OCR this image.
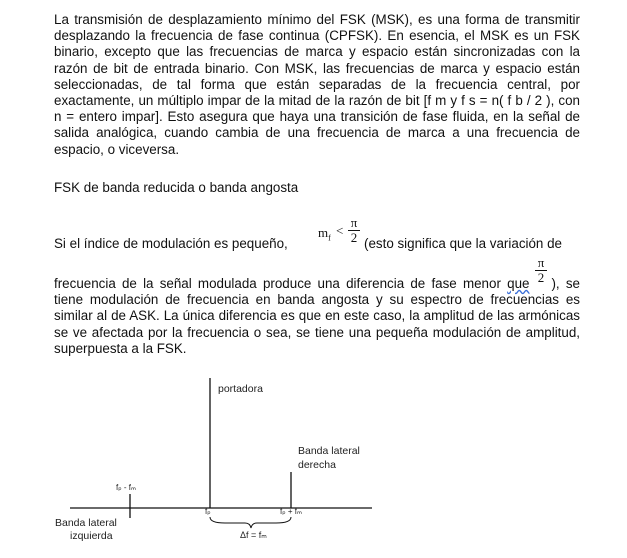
La transmisión de desplazamiento mínimo del FSK (MSK), es una forma de transmitir desplazando la frecuencia de fase continua (CPFSK). En esencia, el MSK es un FSK binario, excepto que las frecuencias de marca y espacio están sincronizadas con la razón de bit de entrada binario. Con MSK, las frecuencias de marca y espacio están seleccionadas, de tal forma que están separadas de la frecuencia central, por exactamente, un múltiplo impar de la mitad de la razón de bit [f m y f s = n( f b / 2 ), con n = entero impar]. Esto asegura que haya una transición de fase fluida, en la señal de salida analógica, cuando cambia de una frecuencia de marca a una frecuencia de espacio, o viceversa.

FSK de banda reducida o banda angosta

Si el índice de modulación es pequeño,
$m_f$
< $\frac{\pi}{2}$ (esto significa que la variación de
$\frac{\pi}{2}$

frecuencia de la señal modulada produce una diferencia de fase menor que ), se tiene modulación de frecuencia en banda angosta y su espectro de frecuencias es similar al de ASK. La única diferencia es que en este caso, la amplitud de las armónicas se ve afectada por la frecuencia o sea, se tiene una pequeña modulación de amplitud, superpuesta a la FSK.

portadora
Banda lateral
derecha
Banda lateral
izquierda
fₚ - fₘ
fₚ	fₚ + fₘ
Δf = fₘ
